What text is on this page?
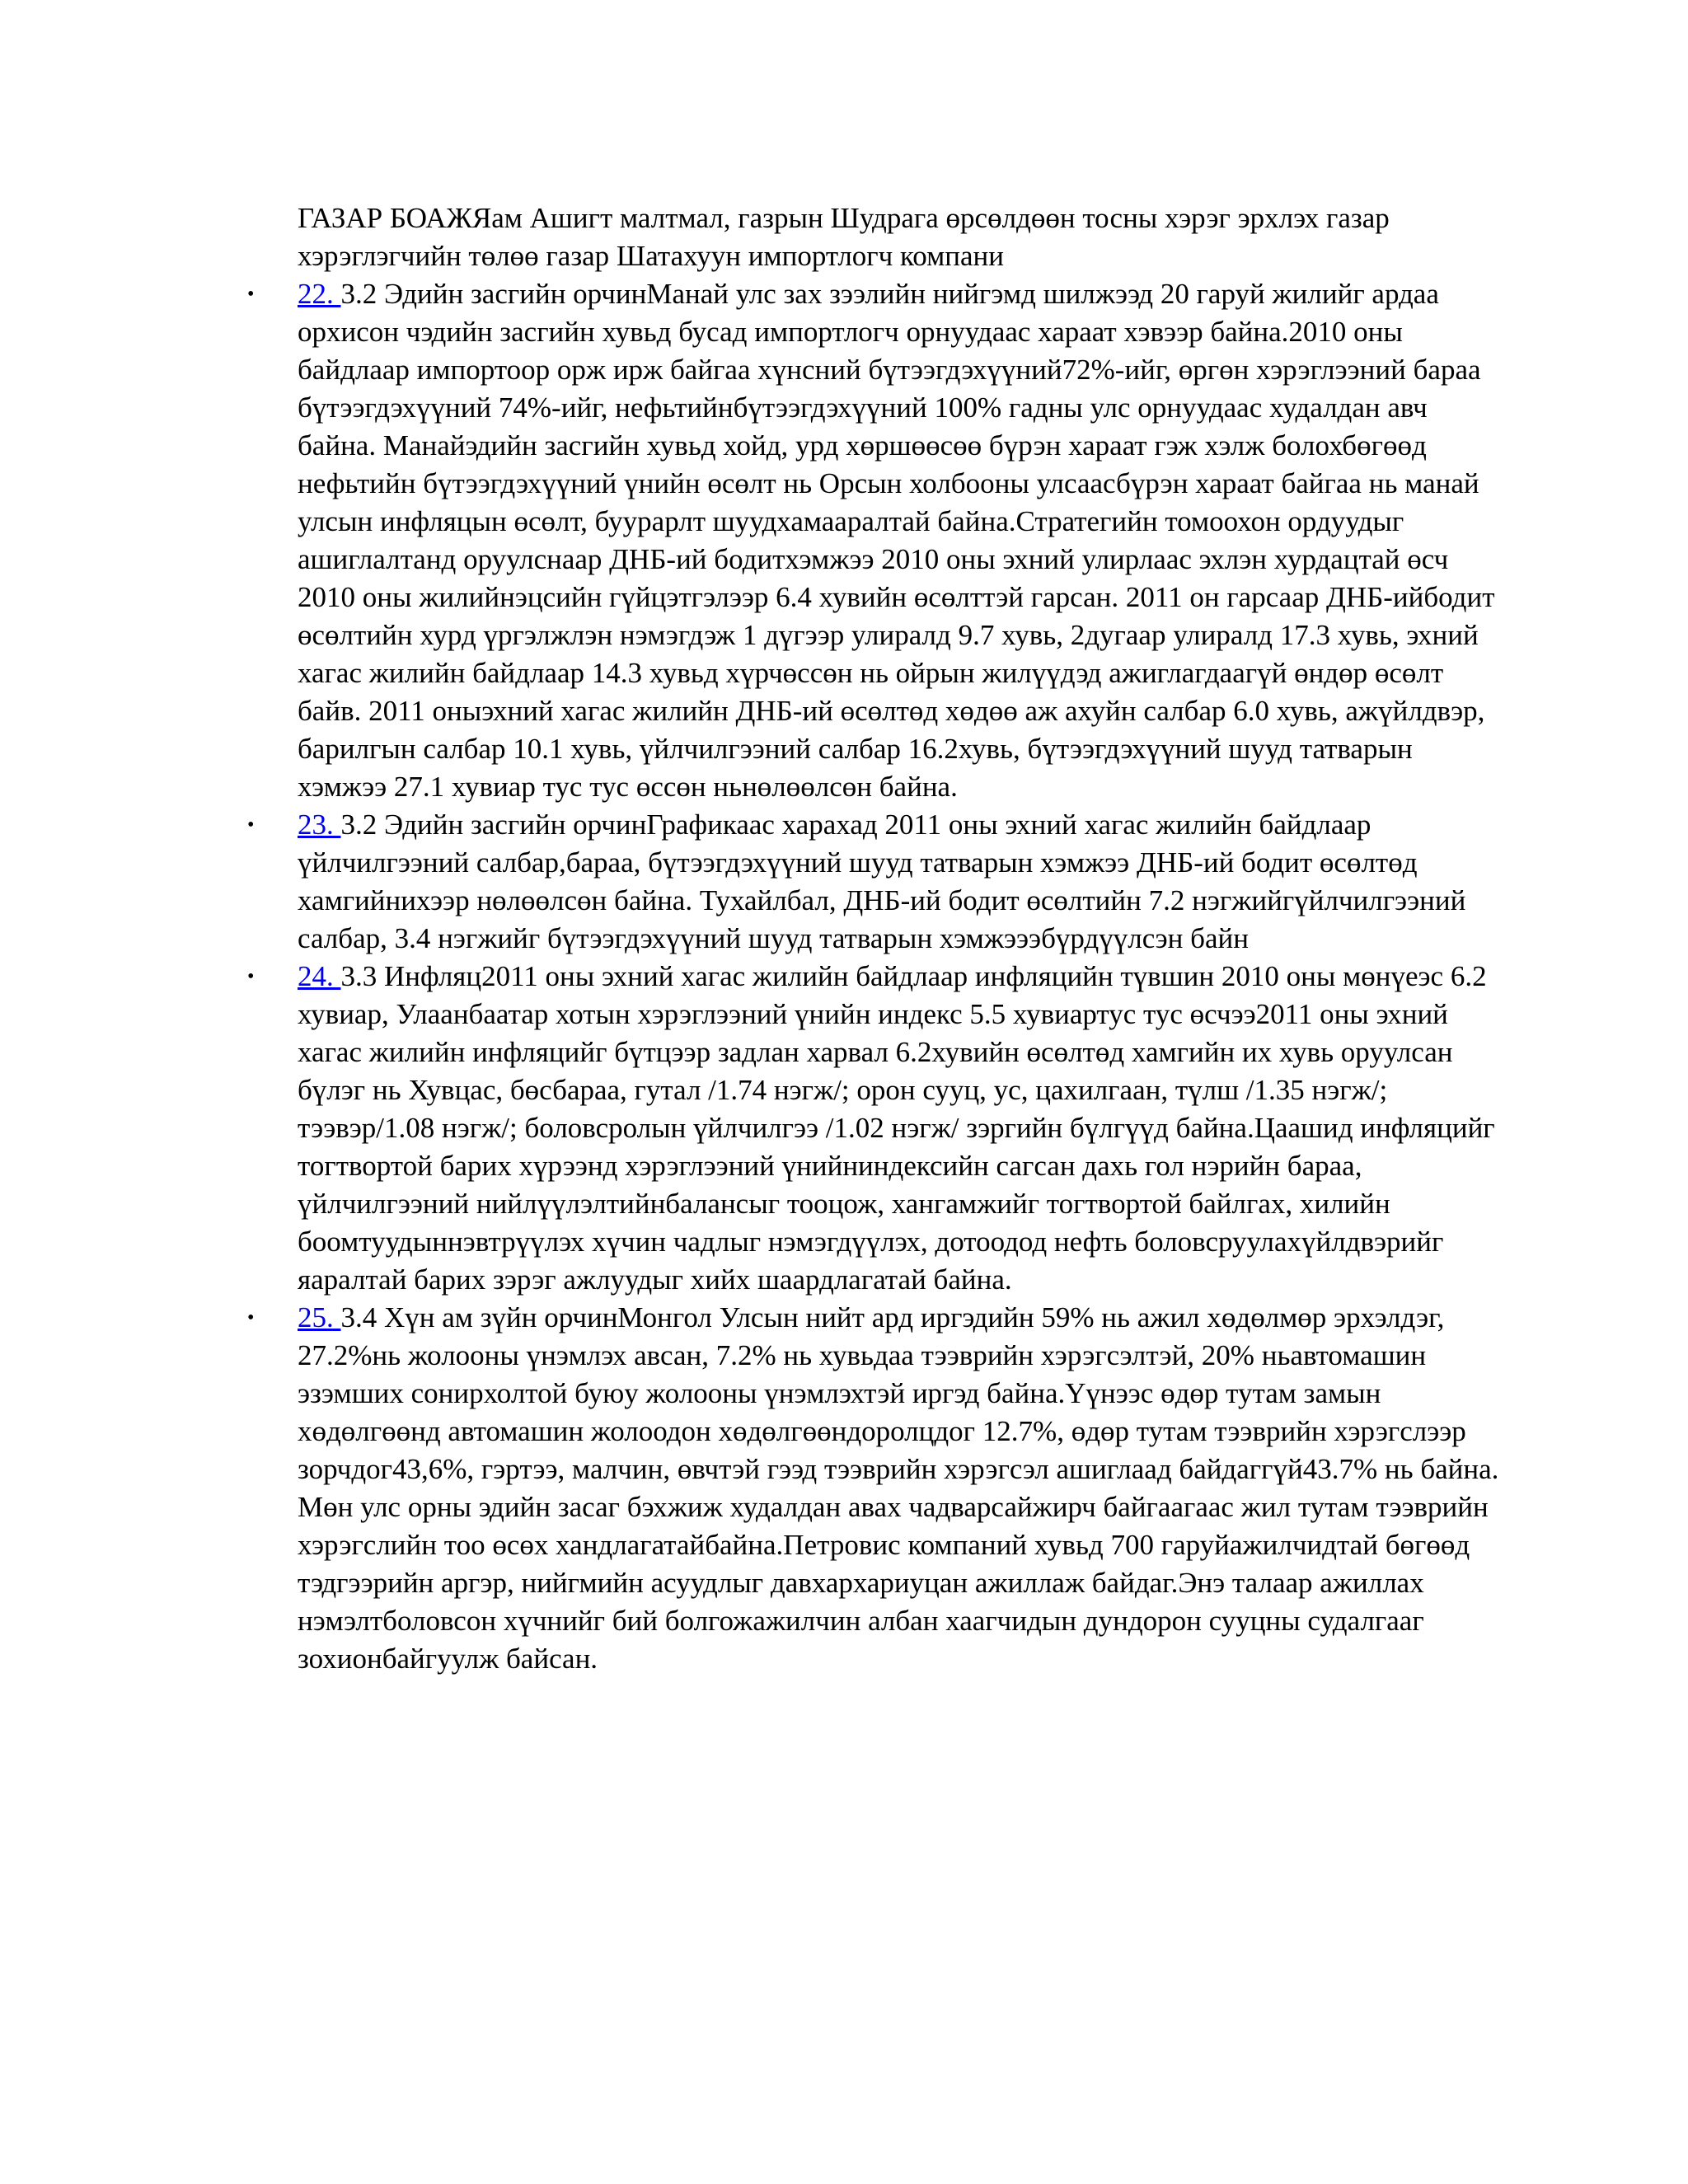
ГАЗАР БОАЖЯам Ашигт малтмал, газрын Шудрага өрсөлдөөн тосны хэрэг эрхлэх газар хэрэглэгчийн төлөө газар Шатахуун импортлогч компани

•	22. 3.2 Эдийн засгийн орчинМанай улс зах зээлийн нийгэмд шилжээд 20 гаруй жилийг ардаа орхисон чэдийн засгийн хувьд бусад импортлогч орнуудаас хараат хэвээр байна.2010 оны байдлаар импортоор орж ирж байгаа хүнсний бүтээгдэхүүний72%-ийг, өргөн хэрэглээний бараа бүтээгдэхүүний 74%-ийг, нефьтийнбүтээгдэхүүний 100% гадны улс орнуудаас худалдан авч байна. Манайэдийн засгийн хувьд хойд, урд хөршөөсөө бүрэн хараат гэж хэлж болохбөгөөд нефьтийн бүтээгдэхүүний үнийн өсөлт нь Орсын холбооны улсаасбүрэн хараат байгаа нь манай улсын инфляцын өсөлт, буурарлт шуудхамааралтай байна.Стратегийн томоохон ордуудыг ашиглалтанд оруулснаар ДНБ-ий бодитхэмжээ 2010 оны эхний улирлаас эхлэн хурдацтай өсч 2010 оны жилийнэцсийн гүйцэтгэлээр 6.4 хувийн өсөлттэй гарсан. 2011 он гарсаар ДНБ-ийбодит өсөлтийн хурд үргэлжлэн нэмэгдэж 1 дүгээр улиралд 9.7 хувь, 2дугаар улиралд 17.3 хувь, эхний хагас жилийн байдлаар 14.3 хувьд хүрчөссөн нь ойрын жилүүдэд ажиглагдаагүй өндөр өсөлт байв. 2011 оныэхний хагас жилийн ДНБ-ий өсөлтөд хөдөө аж ахуйн салбар 6.0 хувь, ажүйлдвэр, барилгын салбар 10.1 хувь, үйлчилгээний салбар 16.2хувь, бүтээгдэхүүний шууд татварын хэмжээ 27.1 хувиар тус тус өссөн ньнөлөөлсөн байна.
•	23. 3.2 Эдийн засгийн орчинГрафикаас харахад 2011 оны эхний хагас жилийн байдлаар үйлчилгээний салбар,бараа, бүтээгдэхүүний шууд татварын хэмжээ ДНБ-ий бодит өсөлтөд хамгийнихээр нөлөөлсөн байна. Тухайлбал, ДНБ-ий бодит өсөлтийн 7.2 нэгжийгүйлчилгээний салбар, 3.4 нэгжийг бүтээгдэхүүний шууд татварын хэмжэээбүрдүүлсэн байн
•	24. 3.3 Инфляц2011 оны эхний хагас жилийн байдлаар инфляцийн түвшин 2010 оны мөнүеэс 6.2 хувиар, Улаанбаатар хотын хэрэглээний үнийн индекс 5.5 хувиартус тус өсчээ2011 оны эхний хагас жилийн инфляцийг бүтцээр задлан харвал 6.2хувийн өсөлтөд хамгийн их хувь оруулсан бүлэг нь Хувцас, бөсбараа, гутал /1.74 нэгж/; орон сууц, ус, цахилгаан, түлш /1.35 нэгж/; тээвэр/1.08 нэгж/; боловсролын үйлчилгээ /1.02 нэгж/ зэргийн бүлгүүд байна.Цаашид инфляцийг тогтвортой барих хүрээнд хэрэглээний үнийниндексийн сагсан дахь гол нэрийн бараа, үйлчилгээний нийлүүлэлтийнбалансыг тооцож, хангамжийг тогтвортой байлгах, хилийн боомтуудыннэвтрүүлэх хүчин чадлыг нэмэгдүүлэх, дотоодод нефть боловсруулахүйлдвэрийг яаралтай барих зэрэг ажлуудыг хийх шаардлагатай байна.
•	25. 3.4 Хүн ам зүйн орчинМонгол Улсын нийт ард иргэдийн 59% нь ажил хөдөлмөр эрхэлдэг, 27.2%нь жолооны үнэмлэх авсан, 7.2% нь хувьдаа тээврийн хэрэгсэлтэй, 20% ньавтомашин эзэмших сонирхолтой буюу жолооны үнэмлэхтэй иргэд байна.Үүнээс өдөр тутам замын хөдөлгөөнд автомашин жолоодон хөдөлгөөндоролцдог 12.7%, өдөр тутам тээврийн хэрэгслээр зорчдог43,6%, гэртээ, малчин, өвчтэй гээд тээврийн хэрэгсэл ашиглаад байдаггүй43.7% нь байна. Мөн улс орны эдийн засаг бэхжиж худалдан авах чадварсайжирч байгаагаас жил тутам тээврийн хэрэгслийн тоо өсөх хандлагатайбайна.Петровис компаний хувьд 700 гаруйажилчидтай бөгөөд тэдгээрийн аргэр, нийгмийн асуудлыг давхархариуцан ажиллаж байдаг.Энэ талаар ажиллах нэмэлтболовсон хүчнийг бий болгожажилчин албан хаагчидын дундорон сууцны судалгааг зохионбайгуулж байсан.
